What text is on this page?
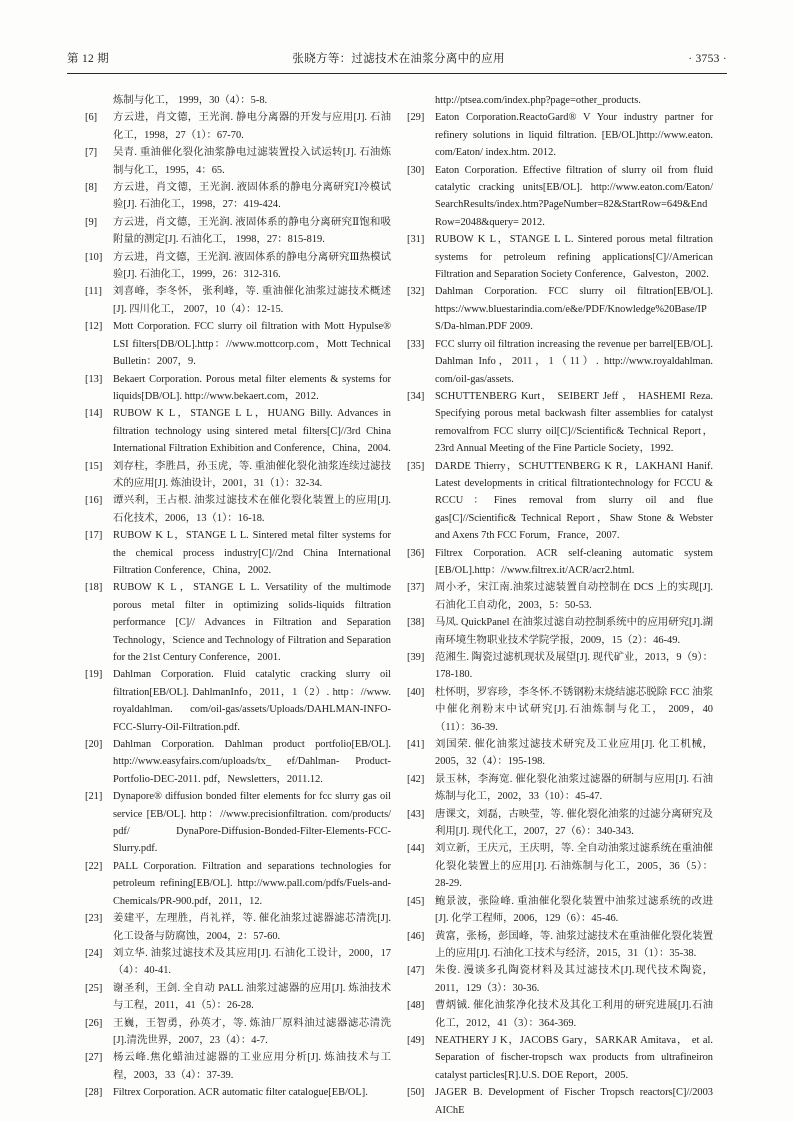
第 12 期	张晓方等：过滤技术在油浆分离中的应用	· 3753 ·
炼制与化工， 1999，30（4）：5-8.
[6]	方云进，肖文德，王光润. 静电分离器的开发与应用[J]. 石油化工，1998，27（1）：67-70.
[7]	吴青. 重油催化裂化油浆静电过滤装置投入试运转[J]. 石油炼制与化工，1995，4：65.
[8]	方云进，肖文德，王光润. 液固体系的静电分离研究Ⅰ冷模试验[J]. 石油化工，1998，27：419-424.
[9]	方云进，肖文德，王光润. 液固体系的静电分离研究Ⅱ饱和吸附量的测定[J]. 石油化工， 1998，27：815-819.
[10]	方云进，肖文德，王光润. 液固体系的静电分离研究Ⅲ热模试验[J]. 石油化工，1999，26：312-316.
[11]	刘喜峰，李冬怀， 张利峰，等. 重油催化油浆过滤技术概述[J]. 四川化工， 2007，10（4）：12-15.
[12]	Mott Corporation. FCC slurry oil filtration with Mott Hypulse® LSI filters[DB/OL].http：//www.mottcorp.com，Mott Technical Bulletin：2007，9.
[13]	Bekaert Corporation. Porous metal filter elements & systems for liquids[DB/OL]. http://www.bekaert.com，2012.
[14]	RUBOW K L，STANGE L L，HUANG Billy. Advances in filtration technology using sintered metal filters[C]//3rd China International Filtration Exhibition and Conference，China，2004.
[15]	刘存柱，李胜昌，孙玉虎，等. 重油催化裂化油浆连续过滤技术的应用[J]. 炼油设计，2001，31（1）：32-34.
[16]	谭兴利，王占根. 油浆过滤技术在催化裂化装置上的应用[J].石化技术，2006，13（1）：16-18.
[17]	RUBOW K L，STANGE L L. Sintered metal filter systems for the chemical process industry[C]//2nd China International Filtration Conference，China，2002.
[18]	RUBOW K L，STANGE L L. Versatility of the multimode porous metal filter in optimizing solids-liquids filtration performance [C]// Advances in Filtration and Separation Technology，Science and Technology of Filtration and Separation for the 21st Century Conference，2001.
[19]	Dahlman Corporation. Fluid catalytic cracking slurry oil filtration[EB/OL]. DahlmanInfo，2011，1（2）. http：//www. royaldahlman. com/oil-gas/assets/Uploads/DAHLMAN-INFO-FCC-Slurry-Oil-Filtration.pdf.
[20]	Dahlman Corporation. Dahlman product portfolio[EB/OL]. http://www.easyfairs.com/uploads/tx_ ef/Dahlman- Product- Portfolio-DEC-2011. pdf，Newsletters，2011.12.
[21]	Dynapore® diffusion bonded filter elements for fcc slurry gas oil service [EB/OL]. http：//www.precisionfiltration. com/products/ pdf/ DynaPore-Diffusion-Bonded-Filter-Elements-FCC-Slurry.pdf.
[22]	PALL Corporation. Filtration and separations technologies for petroleum refining[EB/OL]. http://www.pall.com/pdfs/Fuels-and- Chemicals/PR-900.pdf，2011，12.
[23]	姜建平，左理胜，肖礼祥，等. 催化油浆过滤器滤芯清洗[J].化工设备与防腐蚀，2004，2：57-60.
[24]	刘立华. 油浆过滤技术及其应用[J]. 石油化工设计，2000，17（4）：40-41.
[25]	谢圣利，王剑. 全自动 PALL 油浆过滤器的应用[J]. 炼油技术与工程，2011，41（5）：26-28.
[26]	王巍，王智勇，孙英才，等. 炼油厂原料油过滤器滤芯清洗[J].清洗世界，2007，23（4）：4-7.
[27]	杨云峰.焦化蜡油过滤器的工业应用分析[J]. 炼油技术与工程，2003，33（4）：37-39.
[28]	Filtrex Corporation. ACR automatic filter catalogue[EB/OL].
http://ptsea.com/index.php?page=other_products.
[29]	Eaton Corporation.ReactoGard® V Your industry partner for refinery solutions in liquid filtration. [EB/OL]http://www.eaton. com/Eaton/ index.htm. 2012.
[30]	Eaton Corporation. Effective filtration of slurry oil from fluid catalytic cracking units[EB/OL]. http://www.eaton.com/Eaton/ SearchResults/index.htm?PageNumber=82&StartRow=649&End Row=2048&query= 2012.
[31]	RUBOW K L，STANGE L L. Sintered porous metal filtration systems for petroleum refining applications[C]//American Filtration and Separation Society Conference，Galveston，2002.
[32]	Dahlman Corporation. FCC slurry oil filtration[EB/OL]. https://www.bluestarindia.com/e&e/PDF/Knowledge%20Base/IP S/Da-hlman.PDF 2009.
[33]	FCC slurry oil filtration increasing the revenue per barrel[EB/OL]. Dahlman Info，2011，1（11）. http://www.royaldahlman. com/oil-gas/assets.
[34]	SCHUTTENBERG Kurt， SEIBERT Jeff ， HASHEMI Reza. Specifying porous metal backwash filter assemblies for catalyst removalfrom FCC slurry oil[C]//Scientific& Technical Report，23rd Annual Meeting of the Fine Particle Society，1992.
[35]	DARDE Thierry，SCHUTTENBERG K R，LAKHANI Hanif. Latest developments in critical filtrationtechnology for FCCU & RCCU：Fines removal from slurry oil and flue gas[C]//Scientific& Technical Report，Shaw Stone & Webster and Axens 7th FCC Forum，France，2007.
[36]	Filtrex Corporation. ACR self-cleaning automatic system [EB/OL].http：//www.filtrex.it/ACR/acr2.html.
[37]	周小矛，宋江南.油浆过滤装置自动控制在 DCS 上的实现[J]. 石油化工自动化，2003，5：50-53.
[38]	马凤. QuickPanel 在油浆过滤自动控制系统中的应用研究[J].湖南环境生物职业技术学院学报，2009，15（2）：46-49.
[39]	范湘生. 陶瓷过滤机现状及展望[J]. 现代矿业，2013，9（9）：178-180.
[40]	杜怀明，罗容珍，李冬怀.不锈钢粉末烧结滤芯脱除 FCC 油浆中催化剂粉末中试研究[J].石油炼制与化工， 2009，40（11）：36-39.
[41]	刘国荣. 催化油浆过滤技术研究及工业应用[J]. 化工机械，2005，32（4）：195-198.
[42]	景玉林，李海宽. 催化裂化油浆过滤器的研制与应用[J]. 石油炼制与化工，2002，33（10）：45-47.
[43]	唐课文，刘磊，古映莹，等. 催化裂化油浆的过滤分离研究及利用[J]. 现代化工，2007，27（6）：340-343.
[44]	刘立新，王庆元，王庆明，等. 全自动油浆过滤系统在重油催化裂化装置上的应用[J]. 石油炼制与化工，2005，36（5）：28-29.
[45]	鲍景波，张险峰. 重油催化裂化装置中油浆过滤系统的改进[J]. 化学工程师，2006，129（6）：45-46.
[46]	黄富，张杨，彭国峰，等. 油浆过滤技术在重油催化裂化装置上的应用[J]. 石油化工技术与经济，2015，31（1）：35-38.
[47]	朱俊. 漫谈多孔陶瓷材料及其过滤技术[J].现代技术陶瓷，2011，129（3）：30-36.
[48]	曹炳铖. 催化油浆净化技术及其化工利用的研究进展[J].石油化工，2012，41（3）：364-369.
[49]	NEATHERY J K，JACOBS Gary，SARKAR Amitava， et al. Separation of fischer-tropsch wax products from ultrafineiron catalyst particles[R].U.S. DOE Report，2005.
[50]	JAGER B. Development of Fischer Tropsch reactors[C]//2003 AIChE
